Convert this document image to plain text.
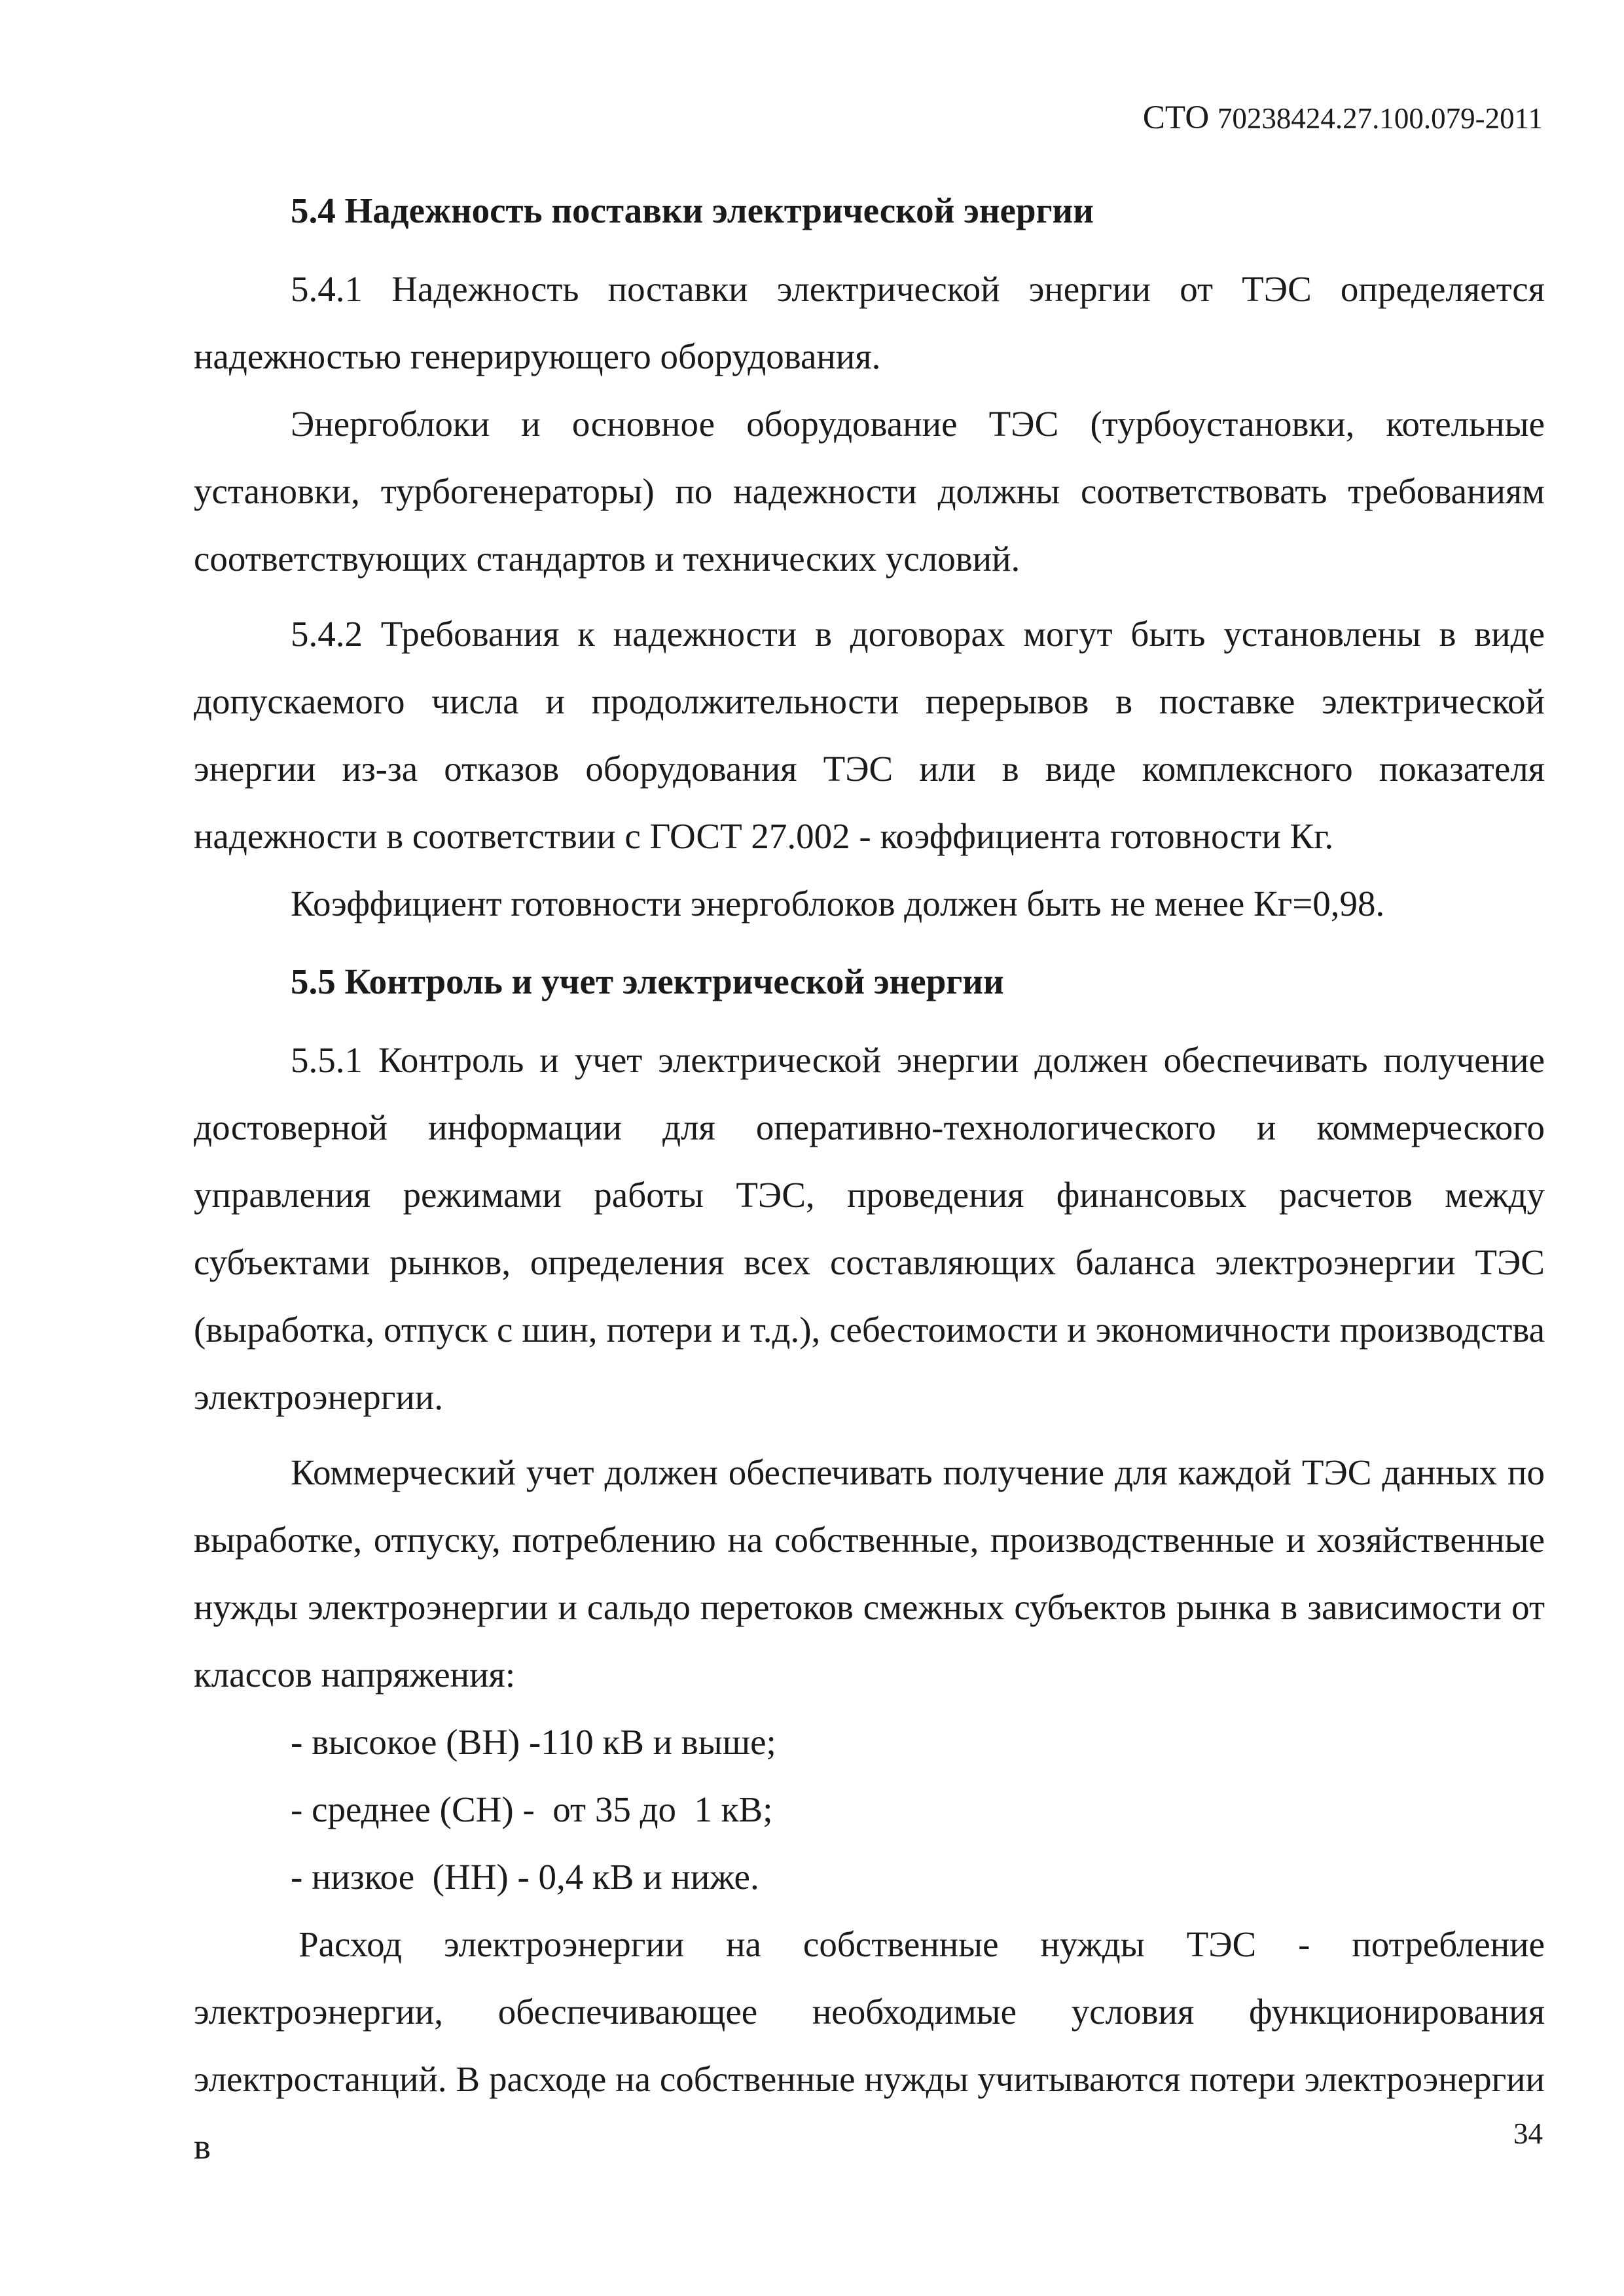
СТО 70238424.27.100.079-2011
5.4 Надежность поставки электрической энергии

5.4.1 Надежность поставки электрической энергии от ТЭС определяется надежностью генерирующего оборудования.

Энергоблоки и основное оборудование ТЭС (турбоустановки, котельные установки, турбогенераторы) по надежности должны соответствовать требованиям соответствующих стандартов и технических условий.

5.4.2 Требования к надежности в договорах могут быть установлены в виде допускаемого числа и продолжительности перерывов в поставке электрической энергии из-за отказов оборудования ТЭС или в виде комплексного показателя надежности в соответствии с ГОСТ 27.002 - коэффициента готовности Кг.

Коэффициент готовности энергоблоков должен быть не менее Кг=0,98.

5.5 Контроль и учет электрической энергии

5.5.1 Контроль и учет электрической энергии должен обеспечивать получение достоверной информации для оперативно-технологического и коммерческого управления режимами работы ТЭС, проведения финансовых расчетов между субъектами рынков, определения всех составляющих баланса электроэнергии ТЭС (выработка, отпуск с шин, потери и т.д.), себестоимости и экономичности производства электроэнергии.

Коммерческий учет должен обеспечивать получение для каждой ТЭС данных по выработке, отпуску, потреблению на собственные, производственные и хозяйственные нужды электроэнергии и сальдо перетоков смежных субъектов рынка в зависимости от классов напряжения:

- высокое (ВН) -110 кВ и выше;

- среднее (СН) -  от 35 до  1 кВ;

- низкое  (НН) - 0,4 кВ и ниже.

Расход электроэнергии на собственные нужды ТЭС - потребление электроэнергии, обеспечивающее необходимые условия функционирования электростанций. В расходе на собственные нужды учитываются потери электроэнергии в	34
